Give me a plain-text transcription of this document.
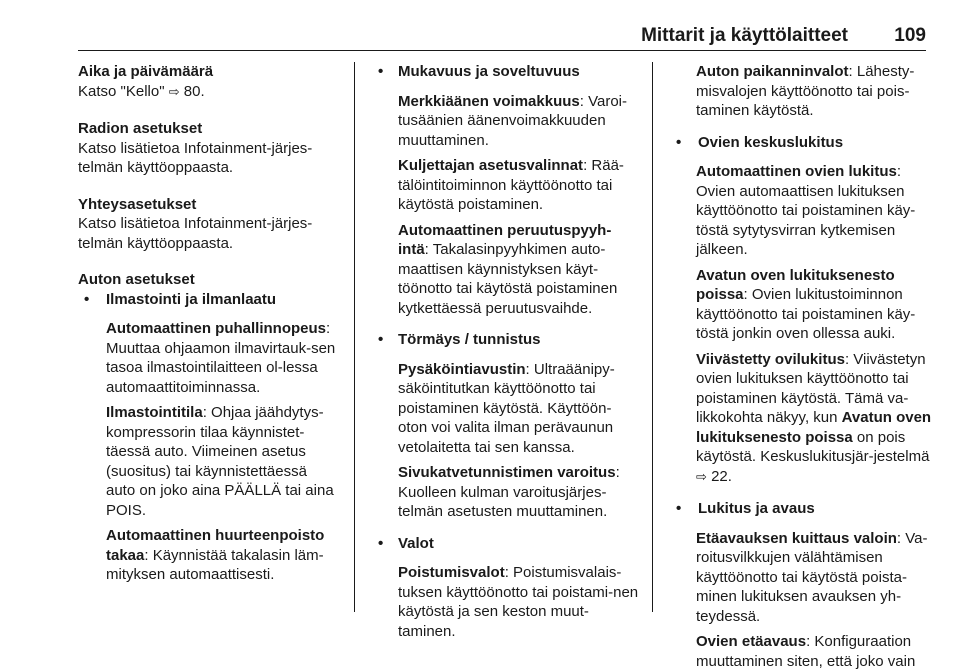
Mittarit ja käyttölaitteet 109
Aika ja päivämäärä
Katso "Kello" ⇨ 80.
Radion asetukset
Katso lisätietoa Infotainment-järjes-telmän käyttöoppaasta.
Yhteysasetukset
Katso lisätietoa Infotainment-järjes-telmän käyttöoppaasta.
Auton asetukset
• Ilmastointi ja ilmanlaatu
Automaattinen puhallinnopeus: Muuttaa ohjaamon ilmavirtauk-sen tasoa ilmastointilaitteen ol-lessa automaattitoiminnassa.
Ilmastointitila: Ohjaa jäähdytys-kompressorin tilaa käynnistet-täessä auto. Viimeinen asetus (suositus) tai käynnistettäessä auto on joko aina PÄÄLLÄ tai aina POIS.
Automaattinen huurteenpoisto takaa: Käynnistää takalasin läm-mityksen automaattisesti.
• Mukavuus ja soveltuvuus
Merkkiäänen voimakkuus: Varoi-tusäänien äänenvoimakkuuden muuttaminen.
Kuljettajan asetusvalinnat: Rää-tälöintitoiminnon käyttöönotto tai käytöstä poistaminen.
Automaattinen peruutuspyyh-intä: Takalasinpyyhkimen auto-maattisen käynnistyksen käyt-töönotto tai käytöstä poistaminen kytkettäessä peruutusvaihde.
• Törmäys / tunnistus
Pysäköintiavustin: Ultraäänipy-säköintitutkan käyttöönotto tai poistaminen käytöstä. Käyttöön-oton voi valita ilman perävaunun vetolaitetta tai sen kanssa.
Sivukatvetunnistimen varoitus: Kuolleen kulman varoitusjärjes-telmän asetusten muuttaminen.
• Valot
Poistumisvalot: Poistumisvalais-tuksen käyttöönotto tai poistami-nen käytöstä ja sen keston muut-taminen.
Auton paikanninvalot: Lähesty-misvalojen käyttöönotto tai pois-taminen käytöstä.
• Ovien keskuslukitus
Automaattinen ovien lukitus: Ovien automaattisen lukituksen käyttöönotto tai poistaminen käy-töstä sytytysvirran kytkemisen jälkeen.
Avatun oven lukituksenesto poissa: Ovien lukitustoiminnon käyttöönotto tai poistaminen käy-töstä jonkin oven ollessa auki.
Viivästetty ovilukitus: Viivästetyn ovien lukituksen käyttöönotto tai poistaminen käytöstä. Tämä va-likkokohta näkyy, kun Avatun oven lukituksenesto poissa on pois käytöstä. Keskuslukitusjär-jestelmä ⇨ 22.
• Lukitus ja avaus
Etäavauksen kuittaus valoin: Va-roitusvilkkujen välähtämisen käyttöönotto tai käytöstä poista-minen lukituksen avauksen yh-teydessä.
Ovien etäavaus: Konfiguraation muuttaminen siten, että joko vain
